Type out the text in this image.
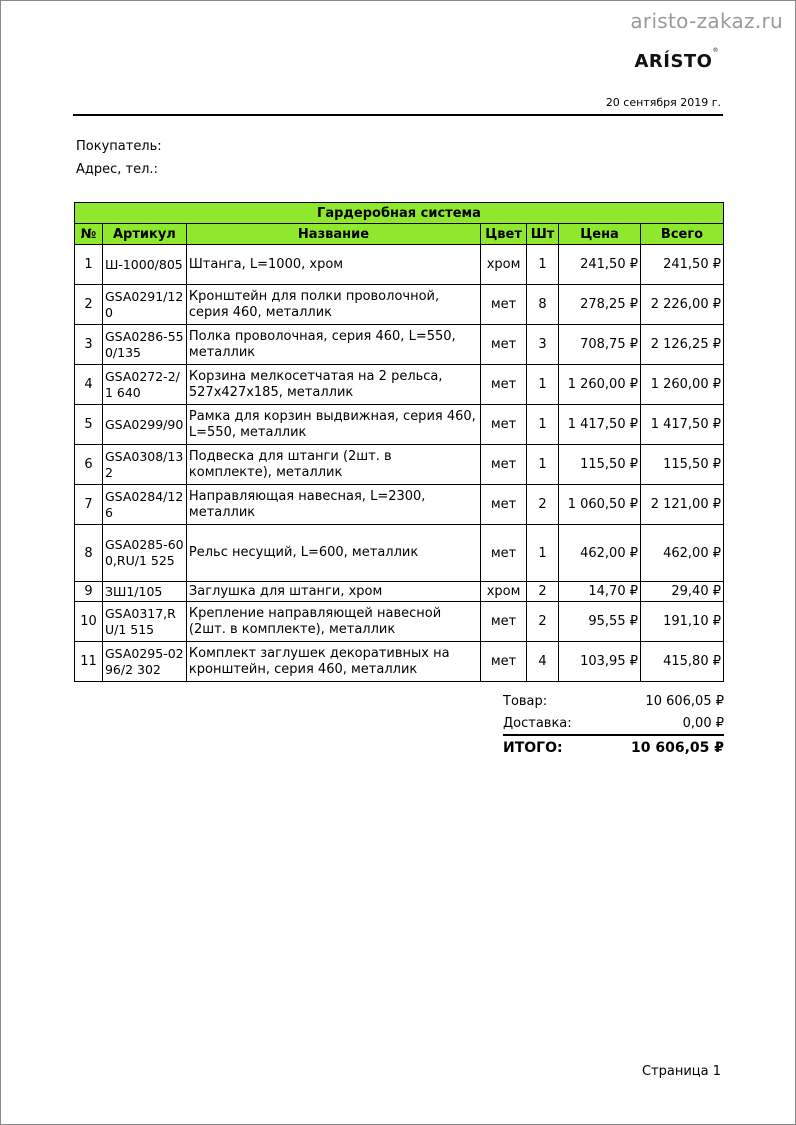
aristo-zakaz.ru
ARÍSTO®
20 сентября 2019 г.
Покупатель:
Адрес, тел.:
Гардеробная система						
№	Артикул	Название	Цвет	Шт	Цена	Всего
1	Ш-1000/805	Штанга, L=1000, хром	хром	1	241,50 ₽	241,50 ₽
2	GSA0291/120	Кронштейн для полки проволочной, серия 460, металлик	мет	8	278,25 ₽	2 226,00 ₽
3	GSA0286-550/135	Полка проволочная, серия 460, L=550, металлик	мет	3	708,75 ₽	2 126,25 ₽
4	GSA0272-2/1 640	Корзина мелкосетчатая на 2 рельса, 527x427x185, металлик	мет	1	1 260,00 ₽	1 260,00 ₽
5	GSA0299/90	Рамка для корзин выдвижная, серия 460, L=550, металлик	мет	1	1 417,50 ₽	1 417,50 ₽
6	GSA0308/132	Подвеска для штанги (2шт. в комплекте), металлик	мет	1	115,50 ₽	115,50 ₽
7	GSA0284/126	Направляющая навесная, L=2300, металлик	мет	2	1 060,50 ₽	2 121,00 ₽
8	GSA0285-600,RU/1 525	Рельс несущий, L=600, металлик	мет	1	462,00 ₽	462,00 ₽
9	ЗШ1/105	Заглушка для штанги, хром	хром	2	14,70 ₽	29,40 ₽
10	GSA0317,RU/1 515	Крепление направляющей навесной (2шт. в комплекте), металлик	мет	2	95,55 ₽	191,10 ₽
11	GSA0295-0296/2 302	Комплект заглушек декоративных на кронштейн, серия 460, металлик	мет	4	103,95 ₽	415,80 ₽
Товар:	10 606,05 ₽
Доставка:	0,00 ₽
ИТОГО:	10 606,05 ₽
Страница 1
